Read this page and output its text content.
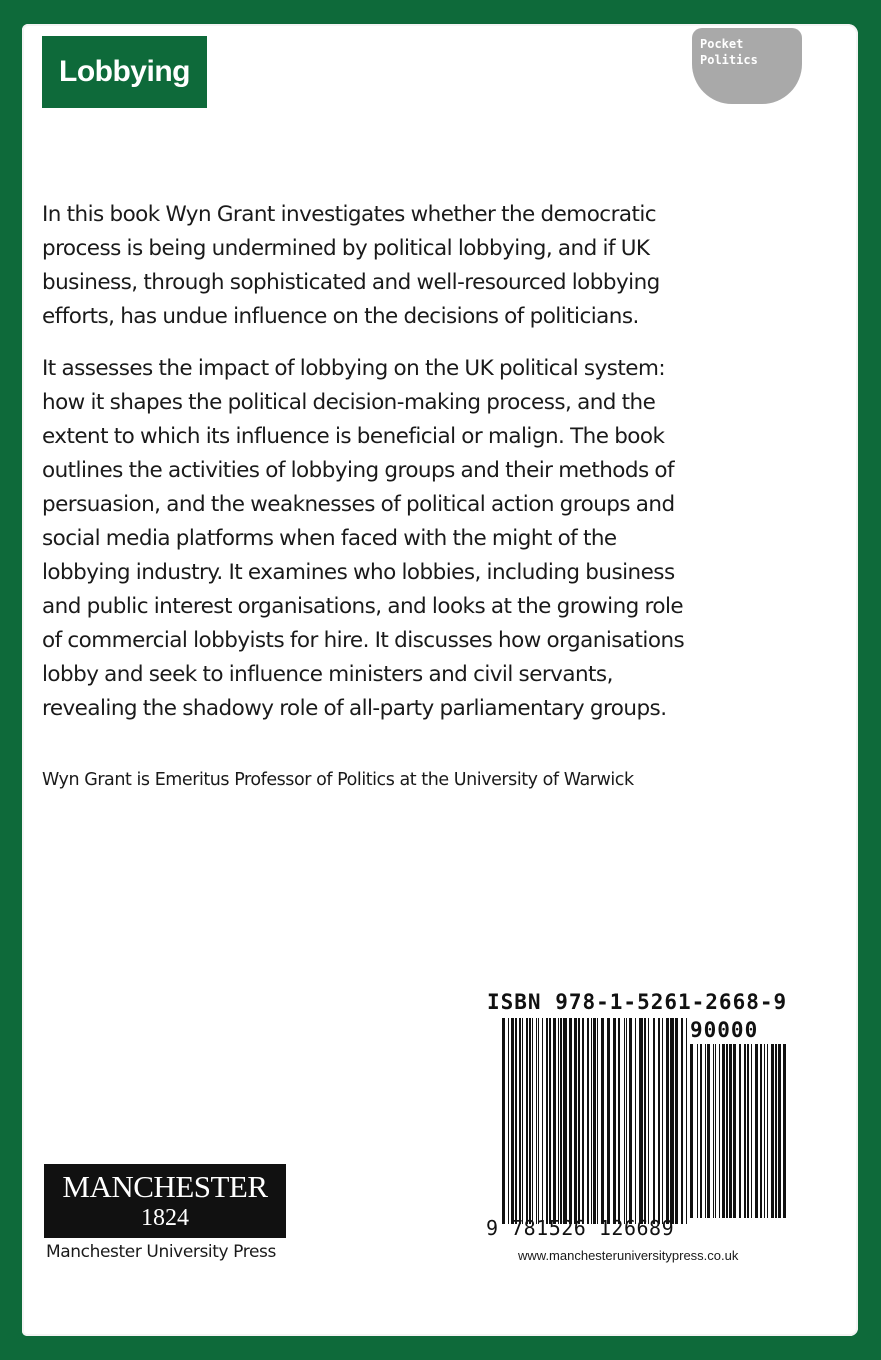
Lobbying
Pocket
Politics

In this book Wyn Grant investigates whether the democratic process is being undermined by political lobbying, and if UK business, through sophisticated and well-resourced lobbying efforts, has undue influence on the decisions of politicians.

It assesses the impact of lobbying on the UK political system: how it shapes the political decision-making process, and the extent to which its influence is beneficial or malign. The book outlines the activities of lobbying groups and their methods of persuasion, and the weaknesses of political action groups and social media platforms when faced with the might of the lobbying industry. It examines who lobbies, including business and public interest organisations, and looks at the growing role of commercial lobbyists for hire. It discusses how organisations lobby and seek to influence ministers and civil servants, revealing the shadowy role of all-party parliamentary groups.

Wyn Grant is Emeritus Professor of Politics at the University of Warwick
ISBN 978-1-5261-2668-9
90000
9 781526 126689
MANCHESTER
1824
Manchester University Press	www.manchesteruniversitypress.co.uk
